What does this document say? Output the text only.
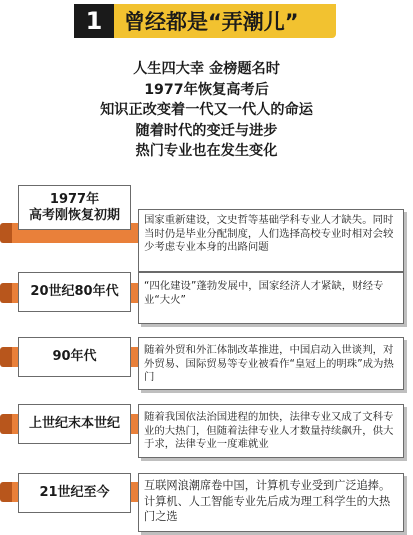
1	曾经都是“弄潮儿”
人生四大幸 金榜题名时
1977年恢复高考后
知识正改变着一代又一代人的命运
随着时代的变迁与进步
热门专业也在发生变化
1977年
高考刚恢复初期	国家重新建设，文史哲等基础学科专业人才缺失。同时当时仍是毕业分配制度，人们选择高校专业时相对会较少考虑专业本身的出路问题
20世纪80年代	“四化建设”蓬勃发展中，国家经济人才紧缺，财经专业“大火”
90年代	随着外贸和外汇体制改革推进，中国启动入世谈判，对外贸易、国际贸易等专业被看作“皇冠上的明珠”成为热门
上世纪末本世纪	随着我国依法治国进程的加快，法律专业又成了文科专业的大热门，但随着法律专业人才数量持续飙升，供大于求，法律专业一度难就业
21世纪至今	互联网浪潮席卷中国，计算机专业受到广泛追捧。计算机、人工智能专业先后成为理工科学生的大热门之选
